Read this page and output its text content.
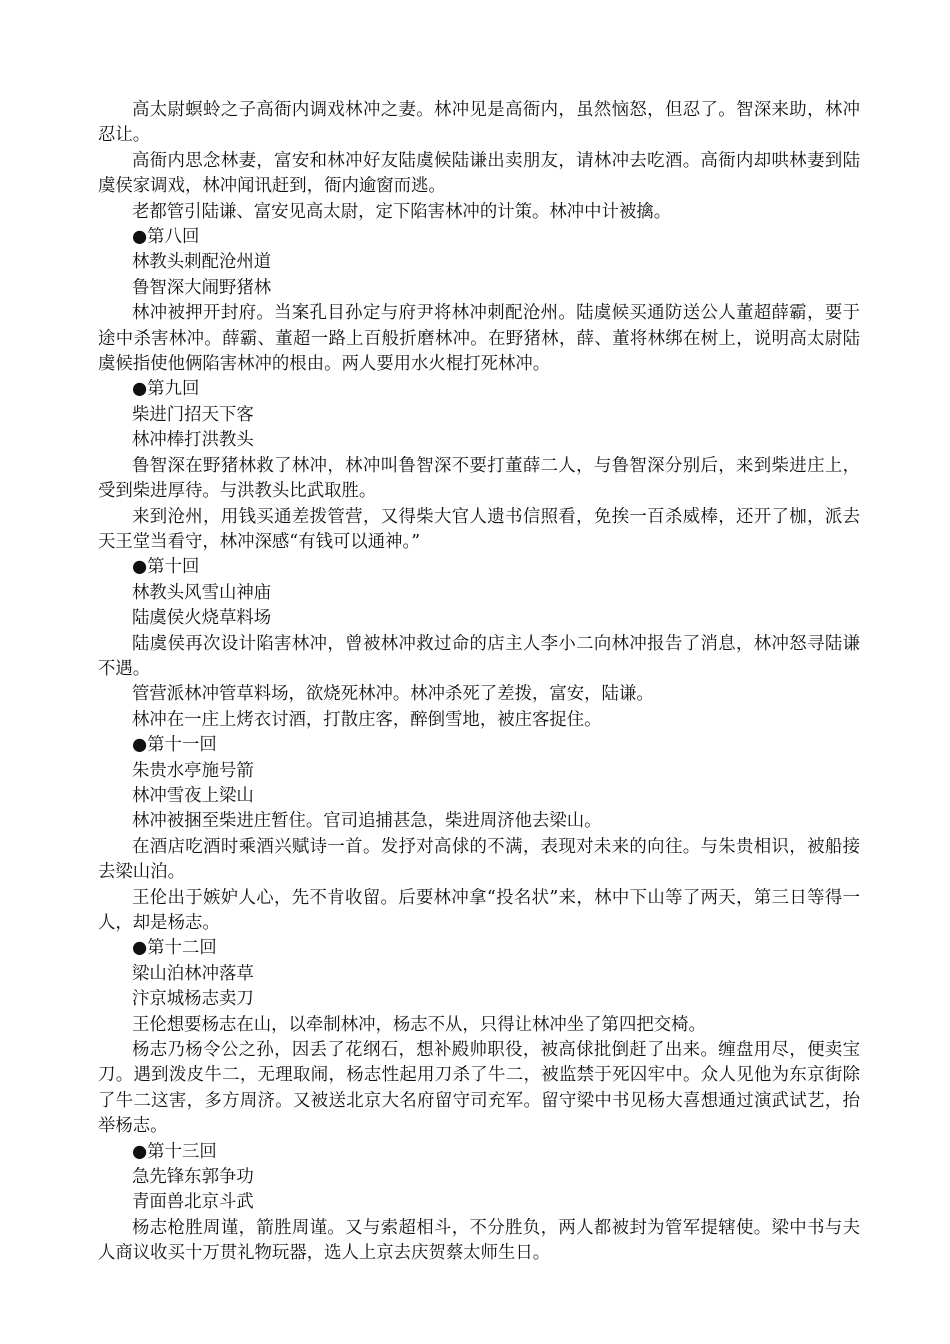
高太尉螟蛉之子高衙内调戏林冲之妻。林冲见是高衙内，虽然恼怒，但忍了。智深来助，林冲忍让。

高衙内思念林妻，富安和林冲好友陆虞候陆谦出卖朋友，请林冲去吃酒。高衙内却哄林妻到陆虞侯家调戏，林冲闻讯赶到，衙内逾窗而逃。

老都管引陆谦、富安见高太尉，定下陷害林冲的计策。林冲中计被擒。

●第八回

林教头刺配沧州道

鲁智深大闹野猪林

林冲被押开封府。当案孔目孙定与府尹将林冲刺配沧州。陆虞候买通防送公人董超薛霸，要于途中杀害林冲。薛霸、董超一路上百般折磨林冲。在野猪林，薛、董将林绑在树上，说明高太尉陆虞候指使他俩陷害林冲的根由。两人要用水火棍打死林冲。

●第九回

柴进门招天下客

林冲棒打洪教头

鲁智深在野猪林救了林冲，林冲叫鲁智深不要打董薛二人，与鲁智深分别后，来到柴进庄上，受到柴进厚待。与洪教头比武取胜。

来到沧州，用钱买通差拨管营，又得柴大官人遗书信照看，免挨一百杀威棒，还开了枷，派去天王堂当看守，林冲深感“有钱可以通神。”

●第十回

林教头风雪山神庙

陆虞侯火烧草料场

陆虞侯再次设计陷害林冲，曾被林冲救过命的店主人李小二向林冲报告了消息，林冲怒寻陆谦不遇。

管营派林冲管草料场，欲烧死林冲。林冲杀死了差拨，富安，陆谦。

林冲在一庄上烤衣讨酒，打散庄客，醉倒雪地，被庄客捉住。

●第十一回

朱贵水亭施号箭

林冲雪夜上梁山

林冲被捆至柴进庄暂住。官司追捕甚急，柴进周济他去梁山。

在酒店吃酒时乘酒兴赋诗一首。发抒对高俅的不满，表现对未来的向往。与朱贵相识，被船接去梁山泊。

王伦出于嫉妒人心，先不肯收留。后要林冲拿“投名状”来，林中下山等了两天，第三日等得一人，却是杨志。

●第十二回

梁山泊林冲落草

汴京城杨志卖刀

王伦想要杨志在山，以牵制林冲，杨志不从，只得让林冲坐了第四把交椅。

杨志乃杨令公之孙，因丢了花纲石，想补殿帅职役，被高俅批倒赶了出来。缠盘用尽，便卖宝刀。遇到泼皮牛二，无理取闹，杨志性起用刀杀了牛二，被监禁于死囚牢中。众人见他为东京街除了牛二这害，多方周济。又被送北京大名府留守司充军。留守梁中书见杨大喜想通过演武试艺，抬举杨志。

●第十三回

急先锋东郭争功

青面兽北京斗武

杨志枪胜周谨，箭胜周谨。又与索超相斗，不分胜负，两人都被封为管军提辖使。梁中书与夫人商议收买十万贯礼物玩器，选人上京去庆贺蔡太师生日。
